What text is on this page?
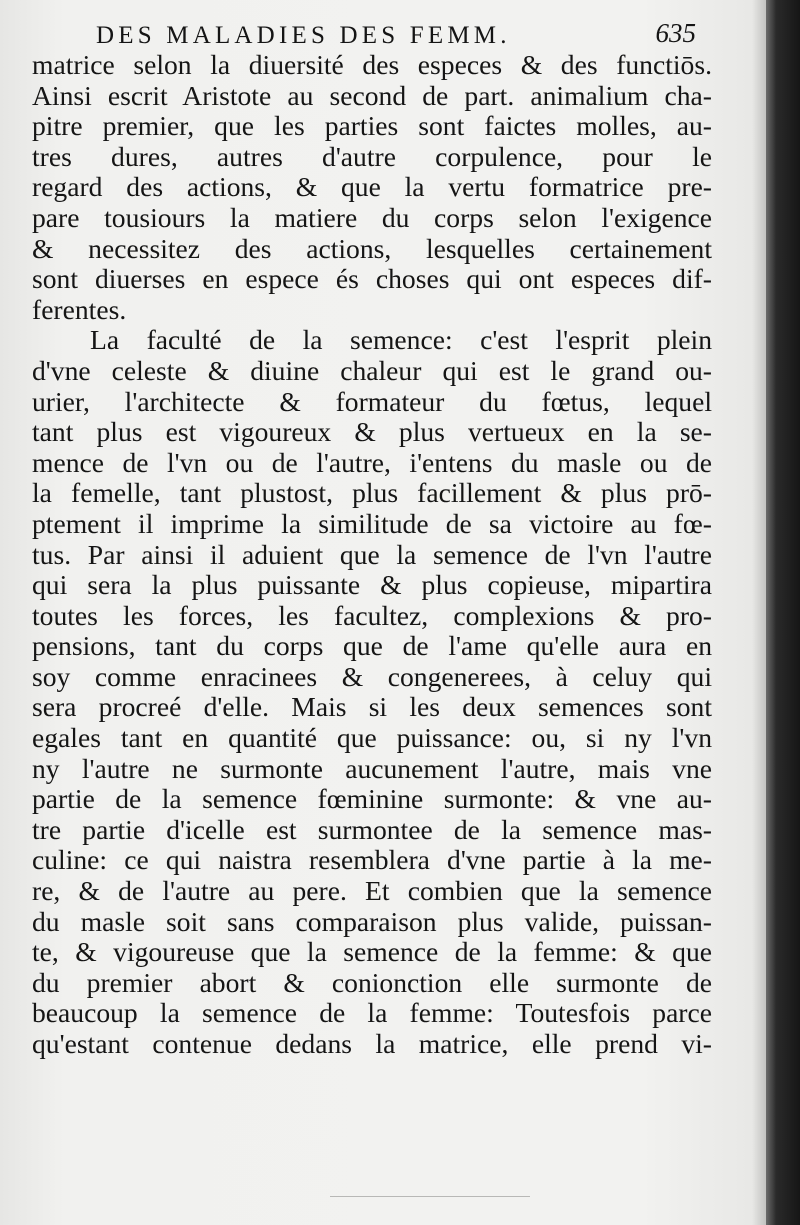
DES MALADIES DES FEMM.	635
matrice selon la diuersité des especes & des functiōs.
Ainsi escrit Aristote au second de part. animalium cha-
pitre premier, que les parties sont faictes molles, au-
tres dures, autres d'autre corpulence, pour le
regard des actions, & que la vertu formatrice pre-
pare tousiours la matiere du corps selon l'exigence
& necessitez des actions, lesquelles certainement
sont diuerses en espece és choses qui ont especes dif-
ferentes.
La faculté de la semence: c'est l'esprit plein
d'vne celeste & diuine chaleur qui est le grand ou-
urier, l'architecte & formateur du fœtus, lequel
tant plus est vigoureux & plus vertueux en la se-
mence de l'vn ou de l'autre, i'entens du masle ou de
la femelle, tant plustost, plus facillement & plus prō-
ptement il imprime la similitude de sa victoire au fœ-
tus. Par ainsi il aduient que la semence de l'vn l'autre
qui sera la plus puissante & plus copieuse, mipartira
toutes les forces, les facultez, complexions & pro-
pensions, tant du corps que de l'ame qu'elle aura en
soy comme enracinees & congenerees, à celuy qui
sera procreé d'elle. Mais si les deux semences sont
egales tant en quantité que puissance: ou, si ny l'vn
ny l'autre ne surmonte aucunement l'autre, mais vne
partie de la semence fœminine surmonte: & vne au-
tre partie d'icelle est surmontee de la semence mas-
culine: ce qui naistra resemblera d'vne partie à la me-
re, & de l'autre au pere. Et combien que la semence
du masle soit sans comparaison plus valide, puissan-
te, & vigoureuse que la semence de la femme: & que
du premier abort & conionction elle surmonte de
beaucoup la semence de la femme: Toutesfois parce
qu'estant contenue dedans la matrice, elle prend vi-
